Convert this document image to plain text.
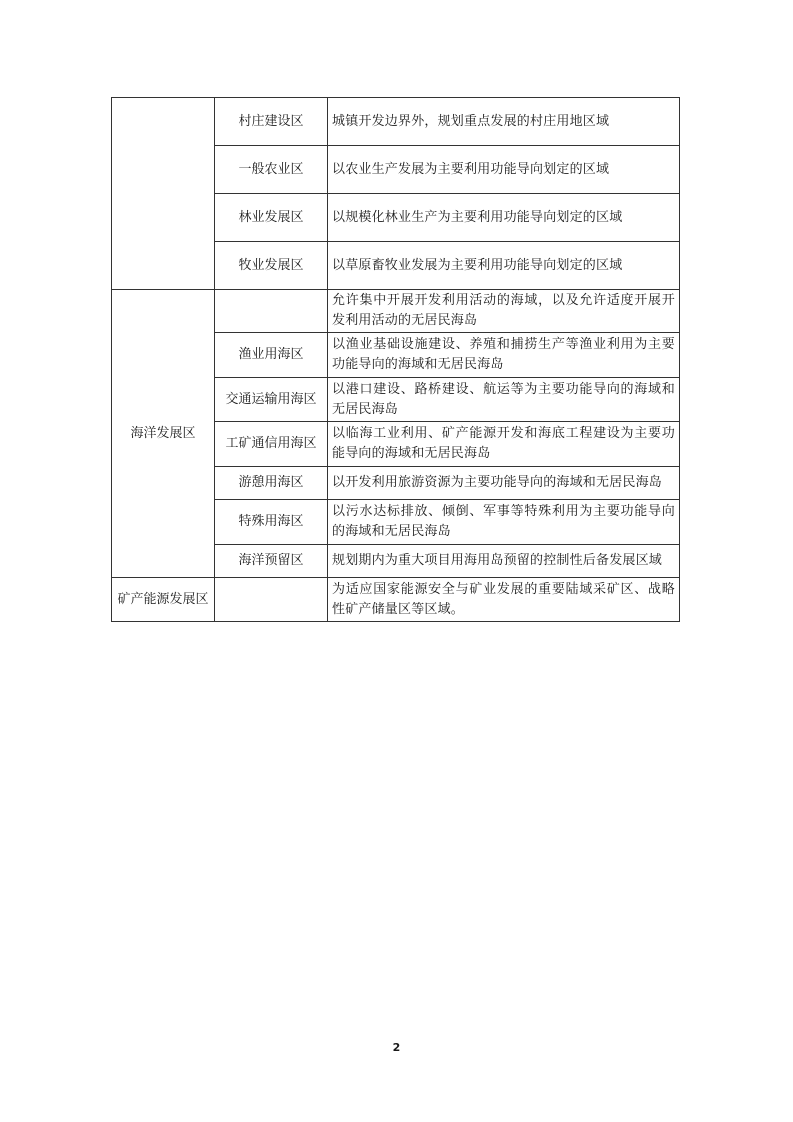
	村庄建设区	城镇开发边界外，规划重点发展的村庄用地区域
	一般农业区	以农业生产发展为主要利用功能导向划定的区域
	林业发展区	以规模化林业生产为主要利用功能导向划定的区域
	牧业发展区	以草原畜牧业发展为主要利用功能导向划定的区域
海洋发展区		允许集中开展开发利用活动的海域，以及允许适度开展开发利用活动的无居民海岛
	渔业用海区	以渔业基础设施建设、养殖和捕捞生产等渔业利用为主要功能导向的海域和无居民海岛
	交通运输用海区	以港口建设、路桥建设、航运等为主要功能导向的海域和无居民海岛
	工矿通信用海区	以临海工业利用、矿产能源开发和海底工程建设为主要功能导向的海域和无居民海岛
	游憩用海区	以开发利用旅游资源为主要功能导向的海域和无居民海岛
	特殊用海区	以污水达标排放、倾倒、军事等特殊利用为主要功能导向的海域和无居民海岛
	海洋预留区	规划期内为重大项目用海用岛预留的控制性后备发展区域
矿产能源发展区		为适应国家能源安全与矿业发展的重要陆域采矿区、战略性矿产储量区等区域。
2
